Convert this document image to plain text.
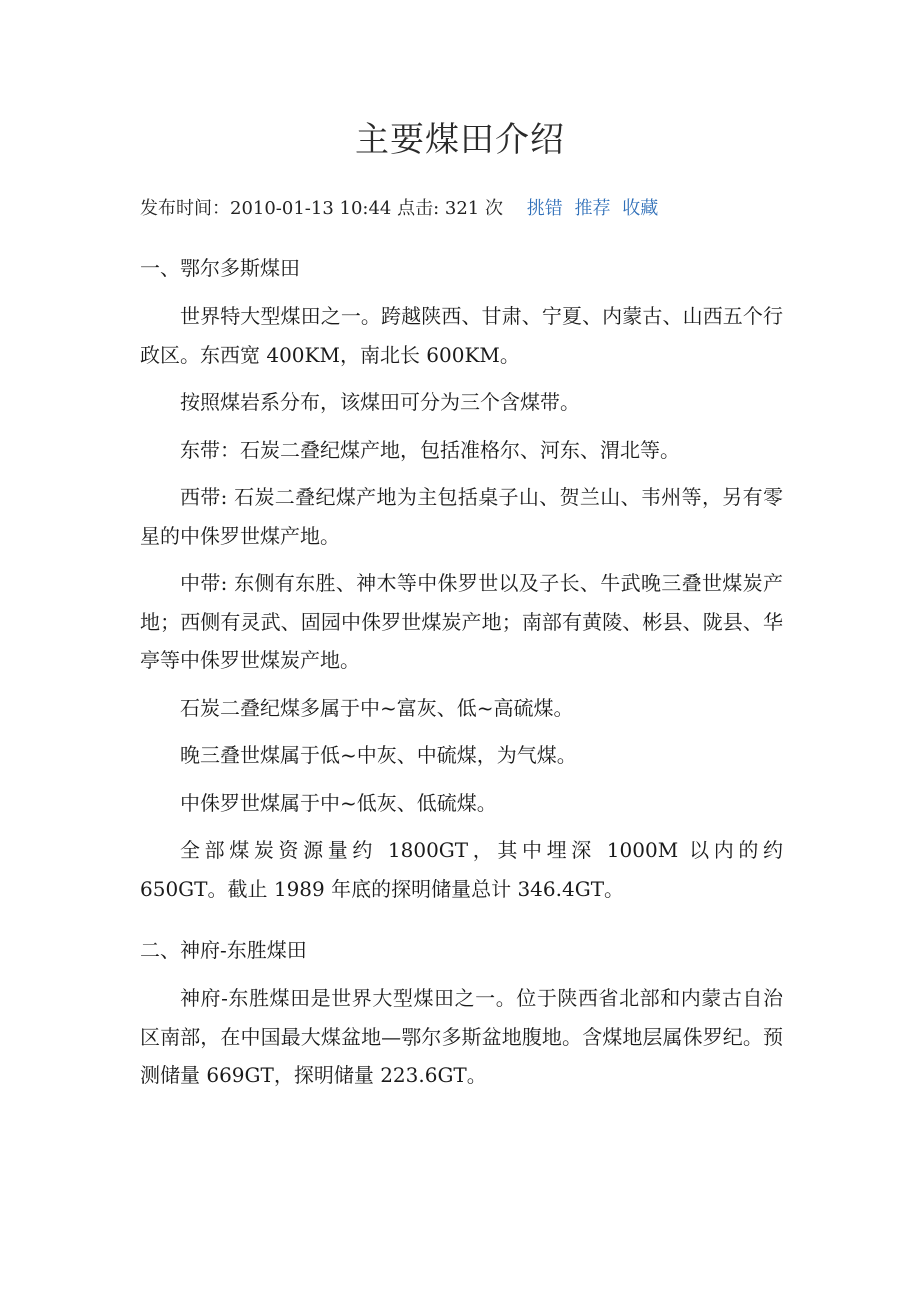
主要煤田介绍
发布时间：2010-01-13 10:44 点击: 321 次 挑错 推荐 收藏

一、鄂尔多斯煤田

世界特大型煤田之一。跨越陕西、甘肃、宁夏、内蒙古、山西五个行政区。东西宽 400KM，南北长 600KM。

按照煤岩系分布，该煤田可分为三个含煤带。

东带：石炭二叠纪煤产地，包括准格尔、河东、渭北等。

西带: 石炭二叠纪煤产地为主包括桌子山、贺兰山、韦州等，另有零星的中侏罗世煤产地。

中带: 东侧有东胜、神木等中侏罗世以及子长、牛武晚三叠世煤炭产地；西侧有灵武、固园中侏罗世煤炭产地；南部有黄陵、彬县、陇县、华亭等中侏罗世煤炭产地。

石炭二叠纪煤多属于中~富灰、低~高硫煤。

晚三叠世煤属于低~中灰、中硫煤，为气煤。

中侏罗世煤属于中~低灰、低硫煤。

全部煤炭资源量约 1800GT，其中埋深 1000M 以内的约 650GT。截止 1989 年底的探明储量总计 346.4GT。

二、神府-东胜煤田

神府-东胜煤田是世界大型煤田之一。位于陕西省北部和内蒙古自治区南部，在中国最大煤盆地—鄂尔多斯盆地腹地。含煤地层属侏罗纪。预测储量 669GT，探明储量 223.6GT。
